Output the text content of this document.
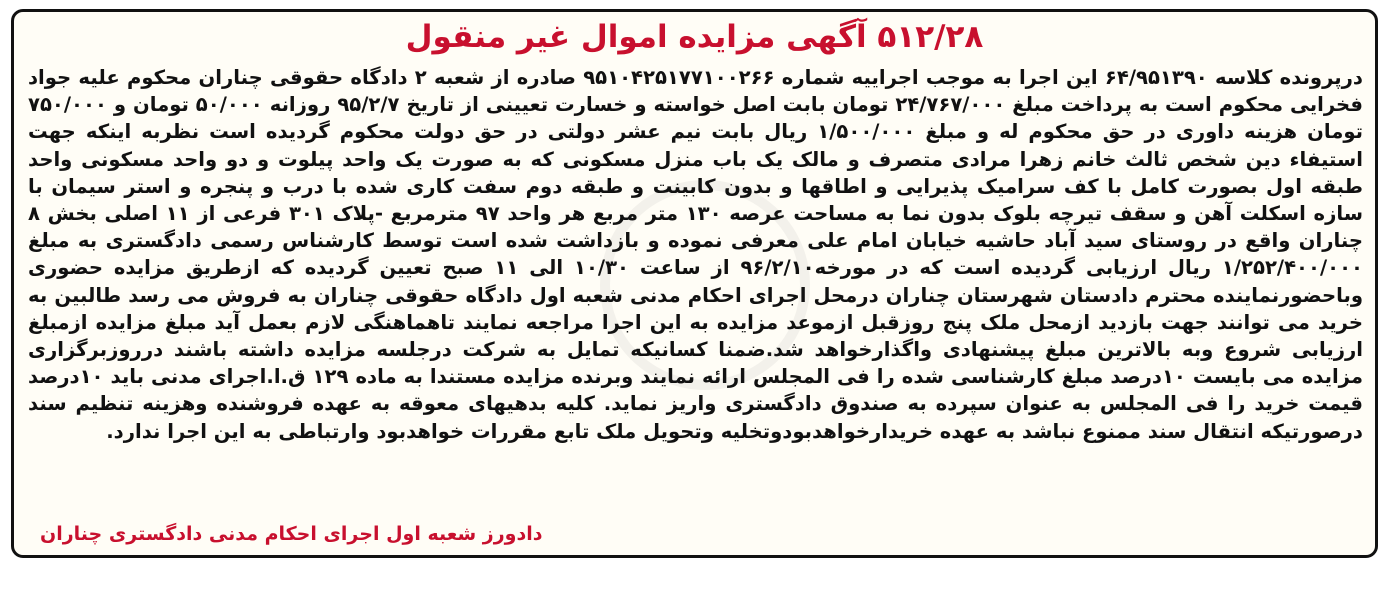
۵۱۲/۲۸ آگهی مزایده اموال غیر منقول

درپرونده کلاسه ۶۴/۹۵۱۳۹۰ این اجرا به موجب اجراییه شماره ۹۵۱۰۴۲۵۱۷۷۱۰۰۲۶۶ صادره از شعبه ۲ دادگاه حقوقی چناران محکوم علیه جواد فخرایی محکوم است به پرداخت مبلغ ۲۴/۷۶۷/۰۰۰ تومان بابت اصل خواسته و خسارت تعیینی از تاریخ ۹۵/۲/۷ روزانه ۵۰/۰۰۰ تومان و ۷۵۰/۰۰۰ تومان هزینه داوری در حق محکوم له و مبلغ ۱/۵۰۰/۰۰۰ ریال بابت نیم عشر دولتی در حق دولت محکوم گردیده است نظربه اینکه جهت استیفاء دین شخص ثالث خانم زهرا مرادی متصرف و مالک یک باب منزل مسکونی که به صورت یک واحد پیلوت و دو واحد مسکونی واحد طبقه اول بصورت کامل با کف سرامیک پذیرایی و اطاقها و بدون کابینت و طبقه دوم سفت کاری شده با درب و پنجره و استر سیمان با سازه اسکلت آهن و سقف تیرچه بلوک بدون نما به مساحت عرصه ۱۳۰ متر مربع هر واحد ۹۷ مترمربع -پلاک ۳۰۱ فرعی از ۱۱ اصلی بخش ۸ چناران واقع در روستای سید آباد حاشیه خیابان امام علی معرفی نموده و بازداشت شده است توسط کارشناس رسمی دادگستری به مبلغ ۱/۲۵۲/۴۰۰/۰۰۰ ریال ارزیابی گردیده است که در مورخه۹۶/۲/۱۰ از ساعت ۱۰/۳۰ الی ۱۱ صبح تعیین گردیده که ازطریق مزایده حضوری وباحضورنماینده محترم دادستان شهرستان چناران درمحل اجرای احکام مدنی شعبه اول دادگاه حقوقی چناران به فروش می رسد طالبین به خرید می توانند جهت بازدید ازمحل ملک پنج روزقبل ازموعد مزایده به این اجرا مراجعه نمایند تاهماهنگی لازم بعمل آید مبلغ مزایده ازمبلغ ارزیابی شروع وبه بالاترین مبلغ پیشنهادی واگذارخواهد شد.ضمنا کسانیکه تمایل به شرکت درجلسه مزایده داشته باشند درروزبرگزاری مزایده می بایست ۱۰درصد مبلغ کارشناسی شده را فی المجلس ارائه نمایند وبرنده مزایده مستندا به ماده ۱۲۹ ق.ا.اجرای مدنی باید ۱۰درصد قیمت خرید را فی المجلس به عنوان سپرده به صندوق دادگستری واریز نماید. کلیه بدهیهای معوقه به عهده فروشنده وهزینه تنظیم سند درصورتیکه انتقال سند ممنوع نباشد به عهده خریدارخواهدبودوتخلیه وتحویل ملک تابع مقررات خواهدبود وارتباطی به این اجرا ندارد.

دادورز شعبه اول اجرای احکام مدنی دادگستری چناران
